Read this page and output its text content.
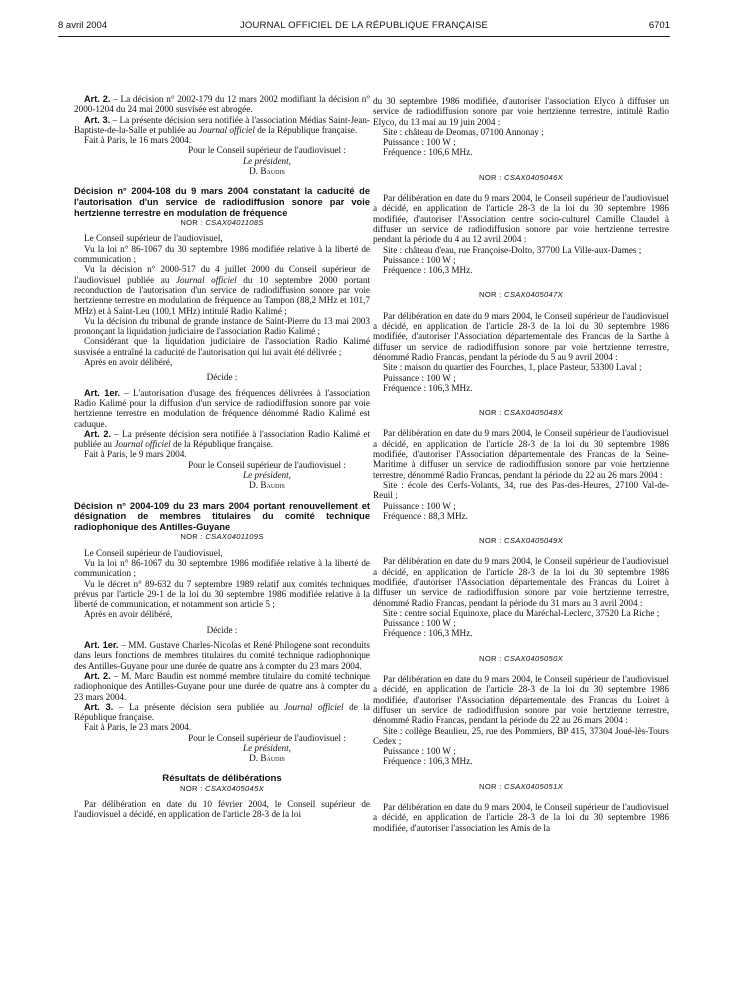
8 avril 2004	JOURNAL OFFICIEL DE LA RÉPUBLIQUE FRANÇAISE	6701

Art. 2. – La décision n° 2002-179 du 12 mars 2002 modifiant la décision n° 2000-1204 du 24 mai 2000 susvisée est abrogée.

Art. 3. – La présente décision sera notifiée à l'association Médias Saint-Jean-Baptiste-de-la-Salle et publiée au Journal officiel de la République française.

Fait à Paris, le 16 mars 2004.

Pour le Conseil supérieur de l'audiovisuel :

Le président,

D. Baudis

Décision n° 2004-108 du 9 mars 2004 constatant la caducité de l'autorisation d'un service de radiodiffusion sonore par voie hertzienne terrestre en modulation de fréquence

NOR : CSAX0401108S

Le Conseil supérieur de l'audiovisuel,

Vu la loi n° 86-1067 du 30 septembre 1986 modifiée relative à la liberté de communication ;

Vu la décision n° 2000-517 du 4 juillet 2000 du Conseil supérieur de l'audiovisuel publiée au Journal officiel du 10 septembre 2000 portant reconduction de l'autorisation d'un service de radiodiffusion sonore par voie hertzienne terrestre en modulation de fréquence au Tampon (88,2 MHz et 101,7 MHz) et à Saint-Leu (100,1 MHz) intitulé Radio Kalimé ;

Vu la décision du tribunal de grande instance de Saint-Pierre du 13 mai 2003 prononçant la liquidation judiciaire de l'association Radio Kalimé ;

Considérant que la liquidation judiciaire de l'association Radio Kalimé susvisée a entraîné la caducité de l'autorisation qui lui avait été délivrée ;

Après en avoir délibéré,

Décide :

Art. 1er. – L'autorisation d'usage des fréquences délivrées à l'association Radio Kalimé pour la diffusion d'un service de radiodiffusion sonore par voie hertzienne terrestre en modulation de fréquence dénommé Radio Kalimé est caduque.

Art. 2. – La présente décision sera notifiée à l'association Radio Kalimé et publiée au Journal officiel de la République française.

Fait à Paris, le 9 mars 2004.

Pour le Conseil supérieur de l'audiovisuel :

Le président,

D. Baudis

Décision n° 2004-109 du 23 mars 2004 portant renouvellement et désignation de membres titulaires du comité technique radiophonique des Antilles-Guyane

NOR : CSAX0401109S

Le Conseil supérieur de l'audiovisuel,

Vu la loi n° 86-1067 du 30 septembre 1986 modifiée relative à la liberté de communication ;

Vu le décret n° 89-632 du 7 septembre 1989 relatif aux comités techniques prévus par l'article 29-1 de la loi du 30 septembre 1986 modifiée relative à la liberté de communication, et notamment son article 5 ;

Après en avoir délibéré,

Décide :

Art. 1er. – MM. Gustave Charles-Nicolas et René Philogene sont reconduits dans leurs fonctions de membres titulaires du comité technique radiophonique des Antilles-Guyane pour une durée de quatre ans à compter du 23 mars 2004.

Art. 2. – M. Marc Baudin est nommé membre titulaire du comité technique radiophonique des Antilles-Guyane pour une durée de quatre ans à compter du 23 mars 2004.

Art. 3. – La présente décision sera publiée au Journal officiel de la République française.

Fait à Paris, le 23 mars 2004.

Pour le Conseil supérieur de l'audiovisuel :

Le président,

D. Baudis

Résultats de délibérations

NOR : CSAX0405045X

Par délibération en date du 10 février 2004, le Conseil supérieur de l'audiovisuel a décidé, en application de l'article 28-3 de la loi

du 30 septembre 1986 modifiée, d'autoriser l'association Elyco à diffuser un service de radiodiffusion sonore par voie hertzienne terrestre, intitulé Radio Elyco, du 13 mai au 19 juin 2004 :

Site : château de Deomas, 07100 Annonay ;

Puissance : 100 W ;

Fréquence : 106,6 MHz.

NOR : CSAX0405046X

Par délibération en date du 9 mars 2004, le Conseil supérieur de l'audiovisuel a décidé, en application de l'article 28-3 de la loi du 30 septembre 1986 modifiée, d'autoriser l'Association centre socio-culturel Camille Claudel à diffuser un service de radiodiffusion sonore par voie hertzienne terrestre pendant la période du 4 au 12 avril 2004 :

Site : château d'eau, rue Françoise-Dolto, 37700 La Ville-aux-Dames ;

Puissance : 100 W ;

Fréquence : 106,3 MHz.

NOR : CSAX0405047X

Par délibération en date du 9 mars 2004, le Conseil supérieur de l'audiovisuel a décidé, en application de l'article 28-3 de la loi du 30 septembre 1986 modifiée, d'autoriser l'Association départementale des Francas de la Sarthe à diffuser un service de radiodiffusion sonore par voie hertzienne terrestre, dénommé Radio Francas, pendant la période du 5 au 9 avril 2004 :

Site : maison du quartier des Fourches, 1, place Pasteur, 53300 Laval ;

Puissance : 100 W ;

Fréquence : 106,3 MHz.

NOR : CSAX0405048X

Par délibération en date du 9 mars 2004, le Conseil supérieur de l'audiovisuel a décidé, en application de l'article 28-3 de la loi du 30 septembre 1986 modifiée, d'autoriser l'Association départementale des Francas de la Seine-Maritime à diffuser un service de radiodiffusion sonore par voie hertzienne terrestre, dénommé Radio Francas, pendant la période du 22 au 26 mars 2004 :

Site : école des Cerfs-Volants, 34, rue des Pas-des-Heures, 27100 Val-de-Reuil ;

Puissance : 100 W ;

Fréquence : 88,3 MHz.

NOR : CSAX0405049X

Par délibération en date du 9 mars 2004, le Conseil supérieur de l'audiovisuel a décidé, en application de l'article 28-3 de la loi du 30 septembre 1986 modifiée, d'autoriser l'Association départementale des Francas du Loiret à diffuser un service de radiodiffusion sonore par voie hertzienne terrestre, dénommé Radio Francas, pendant la période du 31 mars au 3 avril 2004 :

Site : centre social Equinoxe, place du Maréchal-Leclerc, 37520 La Riche ;

Puissance : 100 W ;

Fréquence : 106,3 MHz.

NOR : CSAX0405050X

Par délibération en date du 9 mars 2004, le Conseil supérieur de l'audiovisuel a décidé, en application de l'article 28-3 de la loi du 30 septembre 1986 modifiée, d'autoriser l'Association départementale des Francas du Loiret à diffuser un service de radiodiffusion sonore par voie hertzienne terrestre, dénommé Radio Francas, pendant la période du 22 au 26 mars 2004 :

Site : collège Beaulieu, 25, rue des Pommiers, BP 415, 37304 Joué-lès-Tours Cedex ;

Puissance : 100 W ;

Fréquence : 106,3 MHz.

NOR : CSAX0405051X

Par délibération en date du 9 mars 2004, le Conseil supérieur de l'audiovisuel a décidé, en application de l'article 28-3 de la loi du 30 septembre 1986 modifiée, d'autoriser l'association les Amis de la
